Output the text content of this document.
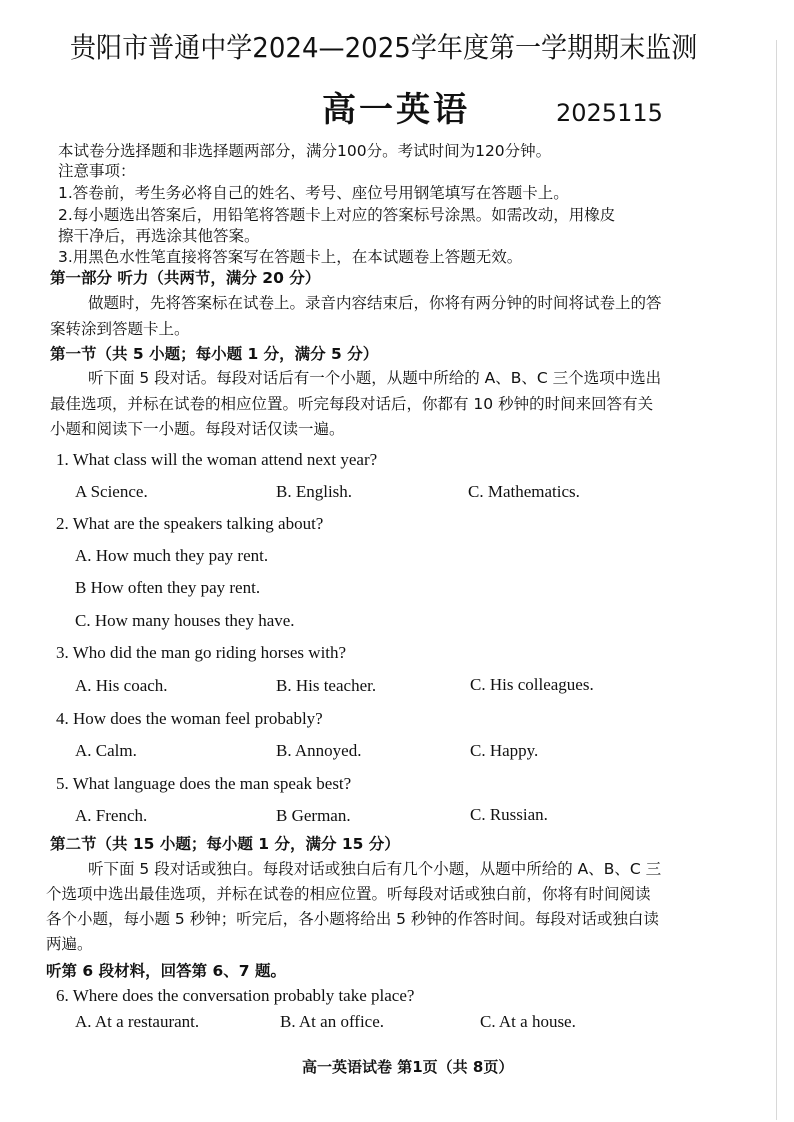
贵阳市普通中学2024—2025学年度第一学期期末监测
高一英语	2025115
本试卷分选择题和非选择题两部分，满分100分。考试时间为120分钟。
注意事项：
1.答卷前，考生务必将自己的姓名、考号、座位号用钢笔填写在答题卡上。
2.每小题选出答案后，用铅笔将答题卡上对应的答案标号涂黑。如需改动，用橡皮
擦干净后，再选涂其他答案。
3.用黑色水性笔直接将答案写在答题卡上，在本试题卷上答题无效。
第一部分 听力（共两节，满分 20 分）
做题时，先将答案标在试卷上。录音内容结束后，你将有两分钟的时间将试卷上的答
案转涂到答题卡上。
第一节（共 5 小题；每小题 1 分，满分 5 分）
听下面 5 段对话。每段对话后有一个小题，从题中所给的 A、B、C 三个选项中选出
最佳选项，并标在试卷的相应位置。听完每段对话后，你都有 10 秒钟的时间来回答有关
小题和阅读下一小题。每段对话仅读一遍。
1. What class will the woman attend next year?
A Science.	B. English.	C. Mathematics.
2. What are the speakers talking about?
A. How much they pay rent.
B How often they pay rent.
C. How many houses they have.
3. Who did the man go riding horses with?
A. His coach.	B. His teacher.	C. His colleagues.
4. How does the woman feel probably?
A. Calm.	B. Annoyed.	C. Happy.
5. What language does the man speak best?
A. French.	B German.	C. Russian.
第二节（共 15 小题；每小题 1 分，满分 15 分）
听下面 5 段对话或独白。每段对话或独白后有几个小题，从题中所给的 A、B、C 三
个选项中选出最佳选项，并标在试卷的相应位置。听每段对话或独白前，你将有时间阅读
各个小题，每小题 5 秒钟；听完后，各小题将给出 5 秒钟的作答时间。每段对话或独白读
两遍。
听第 6 段材料，回答第 6、7 题。
6. Where does the conversation probably take place?
A. At a restaurant.	B. At an office.	C. At a house.
高一英语试卷 第1页（共 8页）
